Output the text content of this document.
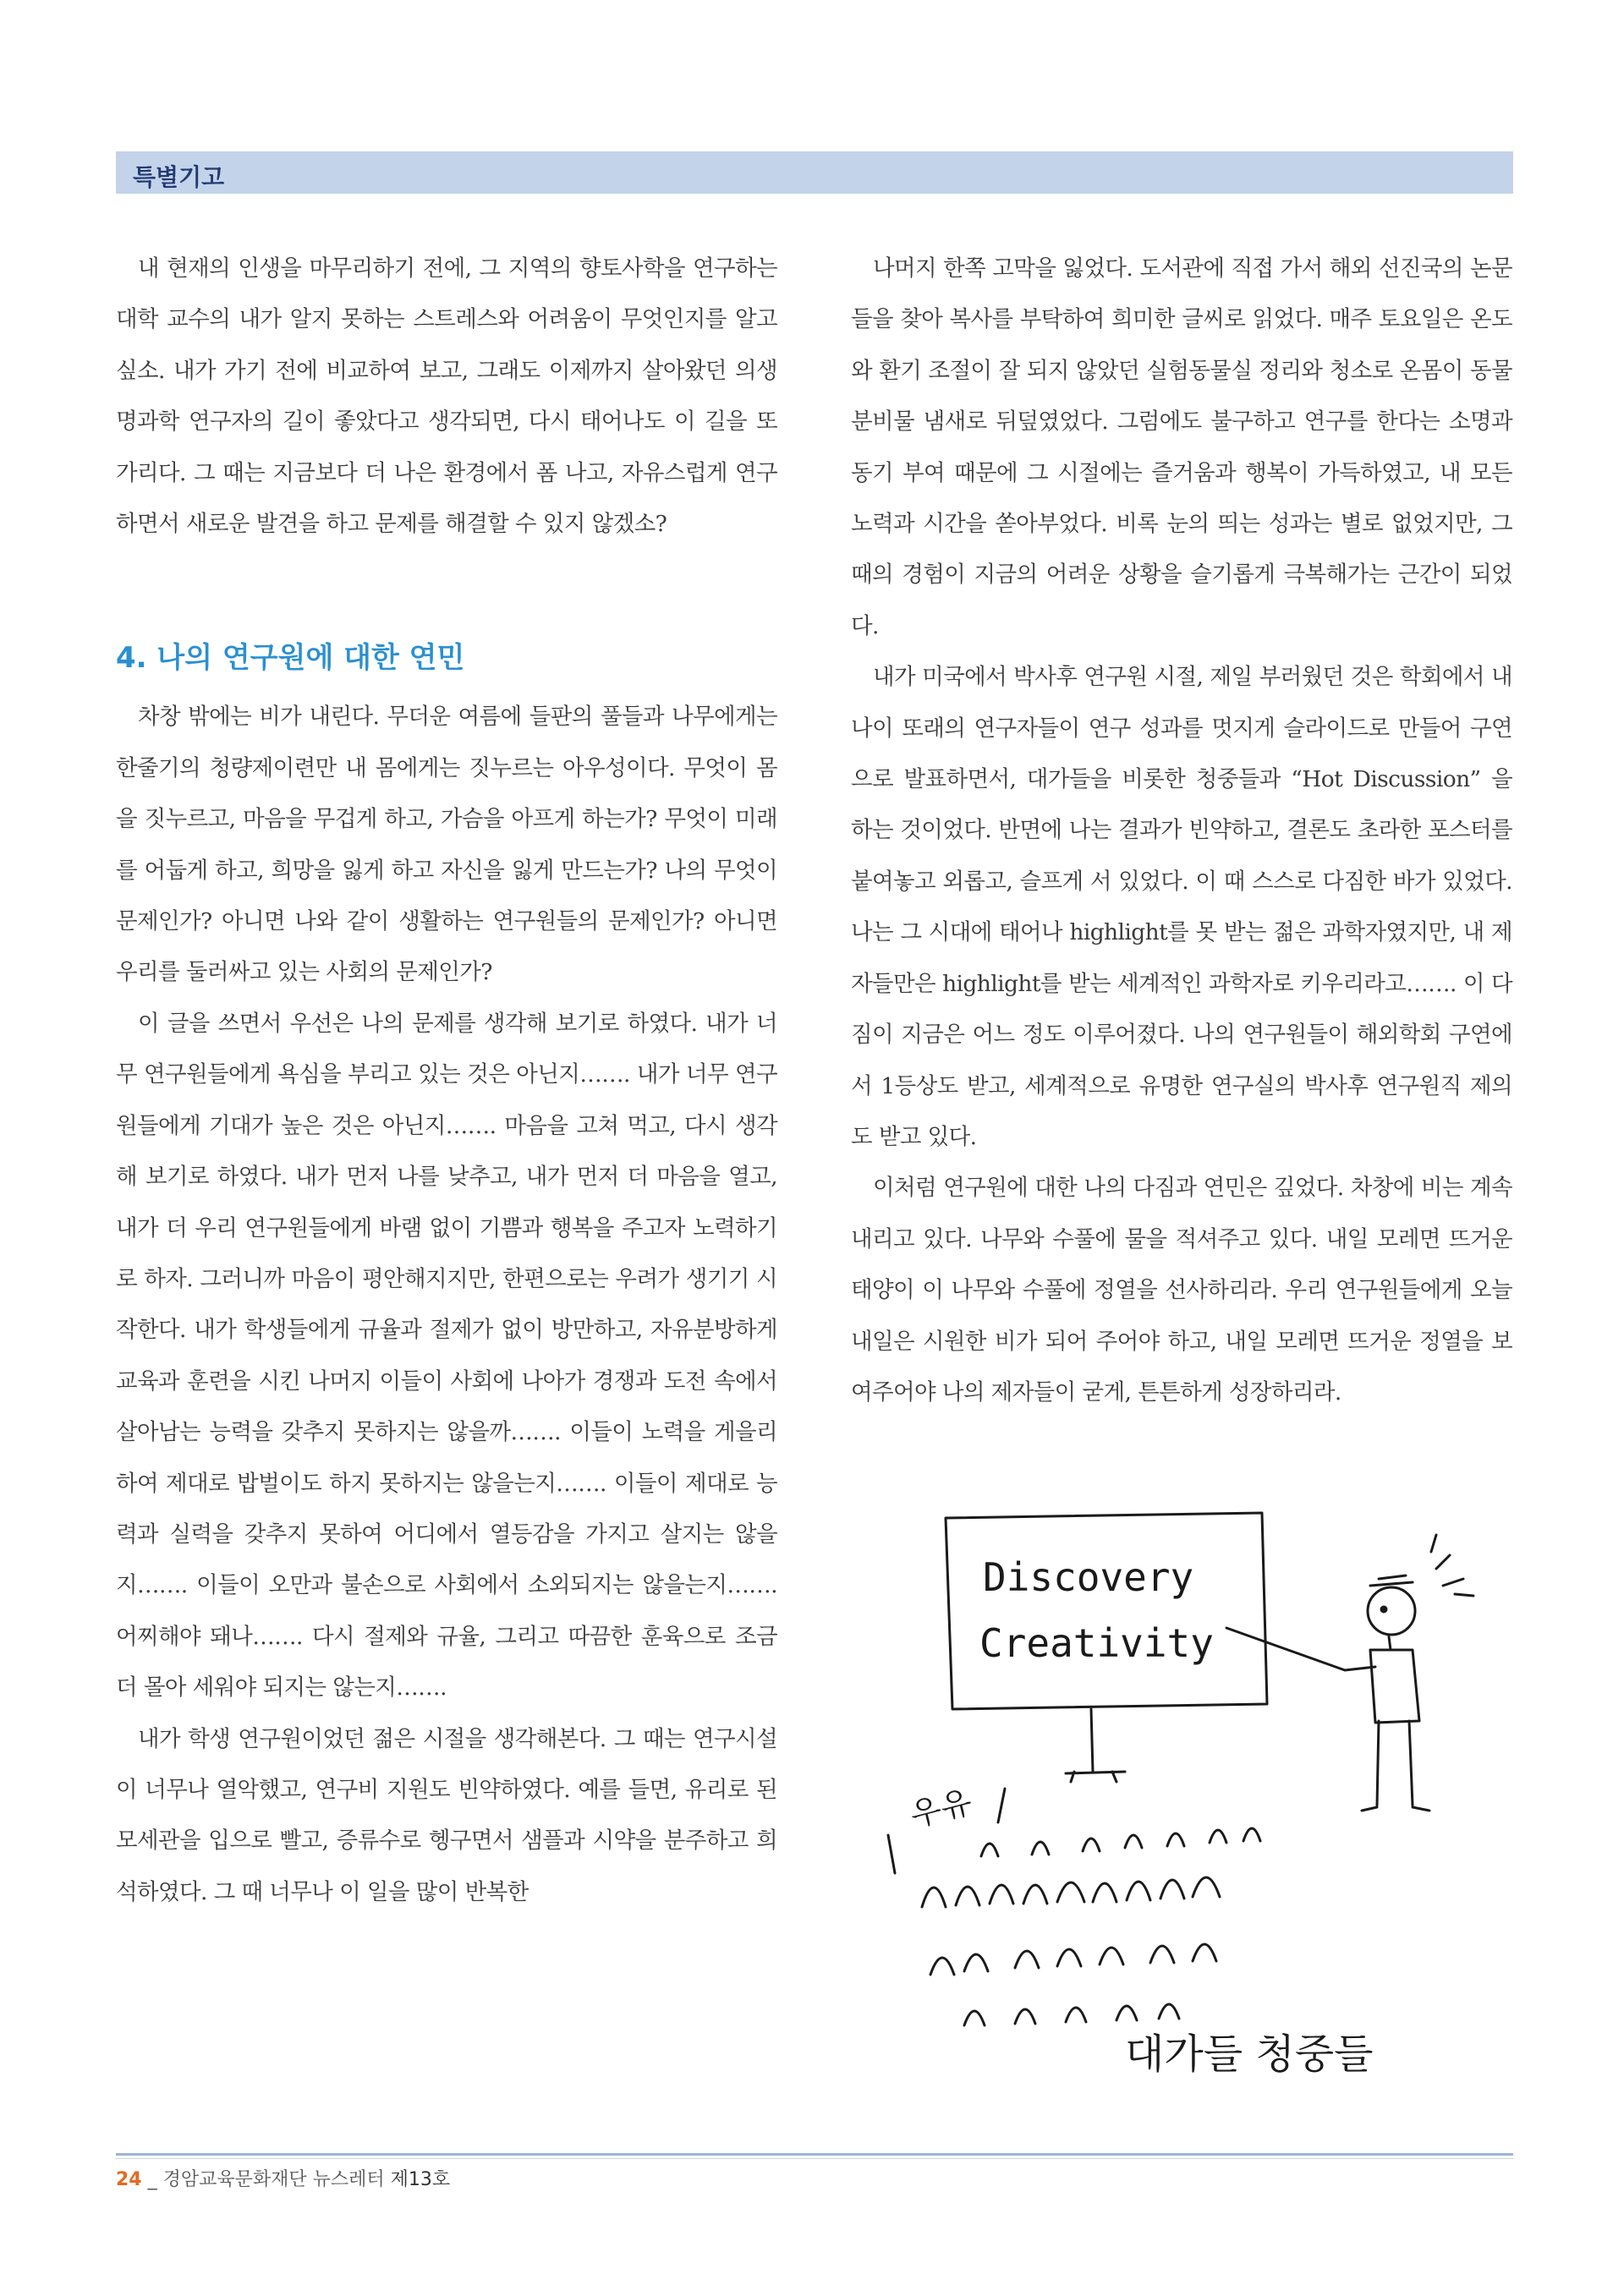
특별기고

내 현재의 인생을 마무리하기 전에, 그 지역의 향토사학을 연구하는 대학 교수의 내가 알지 못하는 스트레스와 어려움이 무엇인지를 알고 싶소. 내가 가기 전에 비교하여 보고, 그래도 이제까지 살아왔던 의생명과학 연구자의 길이 좋았다고 생각되면, 다시 태어나도 이 길을 또 가리다. 그 때는 지금보다 더 나은 환경에서 폼 나고, 자유스럽게 연구하면서 새로운 발견을 하고 문제를 해결할 수 있지 않겠소?

4. 나의 연구원에 대한 연민

차창 밖에는 비가 내린다. 무더운 여름에 들판의 풀들과 나무에게는 한줄기의 청량제이련만 내 몸에게는 짓누르는 아우성이다. 무엇이 몸을 짓누르고, 마음을 무겁게 하고, 가슴을 아프게 하는가? 무엇이 미래를 어둡게 하고, 희망을 잃게 하고 자신을 잃게 만드는가? 나의 무엇이 문제인가? 아니면 나와 같이 생활하는 연구원들의 문제인가? 아니면 우리를 둘러싸고 있는 사회의 문제인가?

이 글을 쓰면서 우선은 나의 문제를 생각해 보기로 하였다. 내가 너무 연구원들에게 욕심을 부리고 있는 것은 아닌지……. 내가 너무 연구원들에게 기대가 높은 것은 아닌지……. 마음을 고쳐 먹고, 다시 생각해 보기로 하였다. 내가 먼저 나를 낮추고, 내가 먼저 더 마음을 열고, 내가 더 우리 연구원들에게 바램 없이 기쁨과 행복을 주고자 노력하기로 하자. 그러니까 마음이 평안해지지만, 한편으로는 우려가 생기기 시작한다. 내가 학생들에게 규율과 절제가 없이 방만하고, 자유분방하게 교육과 훈련을 시킨 나머지 이들이 사회에 나아가 경쟁과 도전 속에서 살아남는 능력을 갖추지 못하지는 않을까……. 이들이 노력을 게을리하여 제대로 밥벌이도 하지 못하지는 않을는지……. 이들이 제대로 능력과 실력을 갖추지 못하여 어디에서 열등감을 가지고 살지는 않을지……. 이들이 오만과 불손으로 사회에서 소외되지는 않을는지……. 어찌해야 돼나……. 다시 절제와 규율, 그리고 따끔한 훈육으로 조금 더 몰아 세워야 되지는 않는지…….

내가 학생 연구원이었던 젊은 시절을 생각해본다. 그 때는 연구시설이 너무나 열악했고, 연구비 지원도 빈약하였다. 예를 들면, 유리로 된 모세관을 입으로 빨고, 증류수로 헹구면서 샘플과 시약을 분주하고 희석하였다. 그 때 너무나 이 일을 많이 반복한

나머지 한쪽 고막을 잃었다. 도서관에 직접 가서 해외 선진국의 논문들을 찾아 복사를 부탁하여 희미한 글씨로 읽었다. 매주 토요일은 온도와 환기 조절이 잘 되지 않았던 실험동물실 정리와 청소로 온몸이 동물 분비물 냄새로 뒤덮였었다. 그럼에도 불구하고 연구를 한다는 소명과 동기 부여 때문에 그 시절에는 즐거움과 행복이 가득하였고, 내 모든 노력과 시간을 쏟아부었다. 비록 눈의 띄는 성과는 별로 없었지만, 그 때의 경험이 지금의 어려운 상황을 슬기롭게 극복해가는 근간이 되었다.

내가 미국에서 박사후 연구원 시절, 제일 부러웠던 것은 학회에서 내 나이 또래의 연구자들이 연구 성과를 멋지게 슬라이드로 만들어 구연으로 발표하면서, 대가들을 비롯한 청중들과 “Hot Discussion” 을 하는 것이었다. 반면에 나는 결과가 빈약하고, 결론도 초라한 포스터를 붙여놓고 외롭고, 슬프게 서 있었다. 이 때 스스로 다짐한 바가 있었다. 나는 그 시대에 태어나 highlight를 못 받는 젊은 과학자였지만, 내 제자들만은 highlight를 받는 세계적인 과학자로 키우리라고……. 이 다짐이 지금은 어느 정도 이루어졌다. 나의 연구원들이 해외학회 구연에서 1등상도 받고, 세계적으로 유명한 연구실의 박사후 연구원직 제의도 받고 있다.

이처럼 연구원에 대한 나의 다짐과 연민은 깊었다. 차창에 비는 계속 내리고 있다. 나무와 수풀에 물을 적셔주고 있다. 내일 모레면 뜨거운 태양이 이 나무와 수풀에 정열을 선사하리라. 우리 연구원들에게 오늘 내일은 시원한 비가 되어 주어야 하고, 내일 모레면 뜨거운 정열을 보여주어야 나의 제자들이 굳게, 튼튼하게 성장하리라.

Discovery
Creativity
우유
대가들 청중들
24 _ 경암교육문화재단 뉴스레터 제13호
